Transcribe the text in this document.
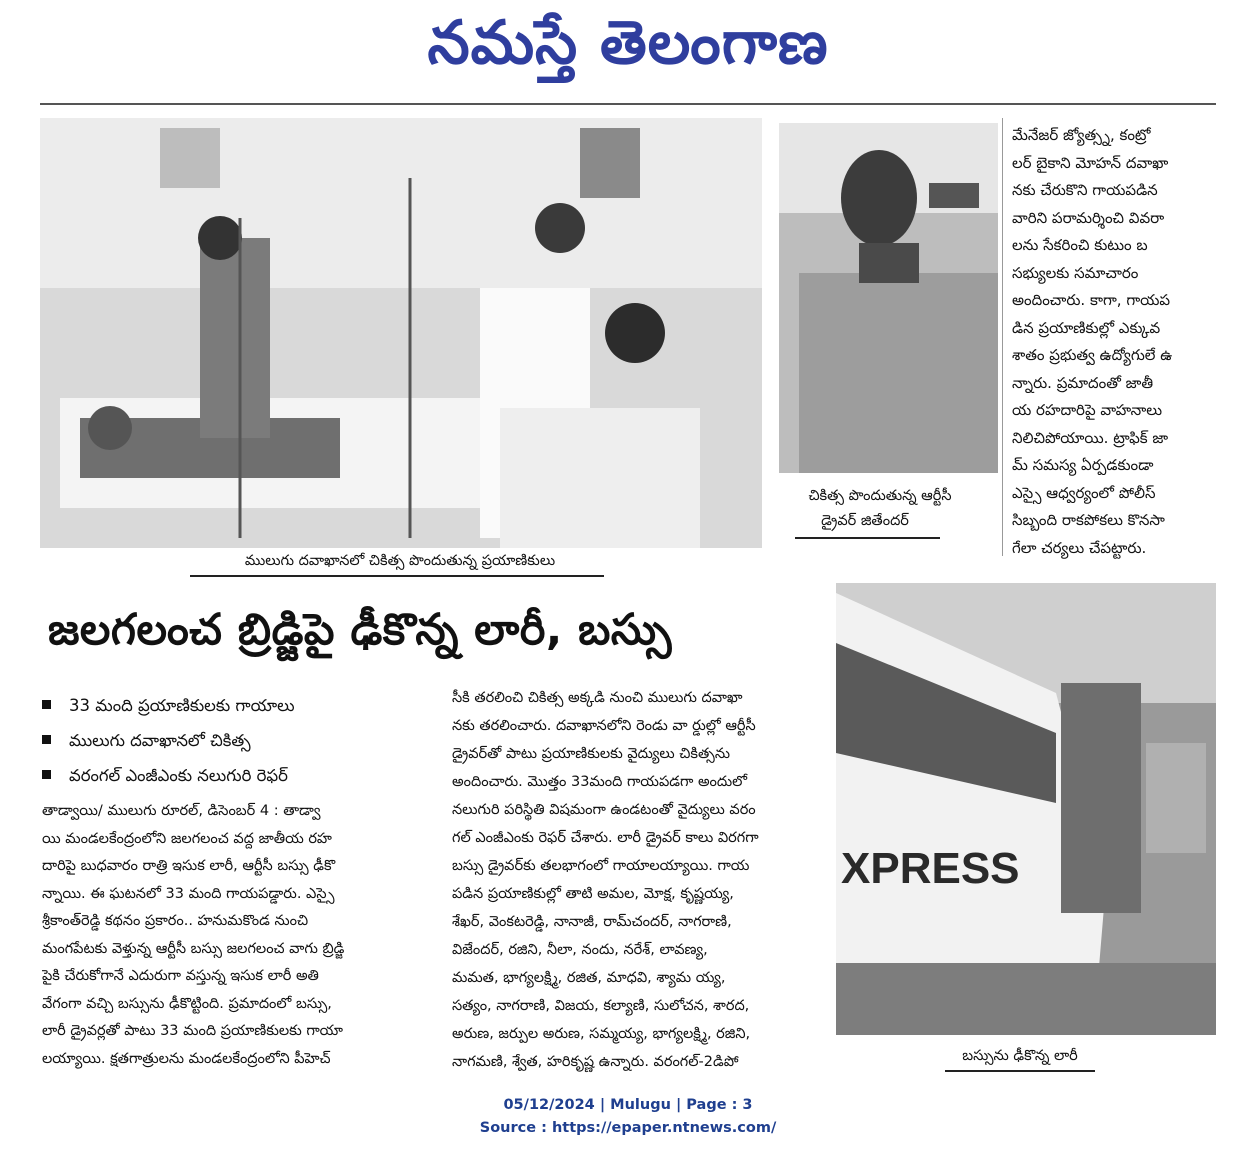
నమస్తే తెలంగాణ
ములుగు దవాఖానలో చికిత్స పొందుతున్న ప్రయాణికులు
చికిత్స పొందుతున్న ఆర్టీసీ
డ్రైవర్ జితేందర్
మేనేజర్ జ్యోత్స్న, కంట్రో
లర్ బైకాని మోహన్ దవాఖా
నకు చేరుకొని గాయపడిన
వారిని పరామర్శించి వివరా
లను సేకరించి కుటుం బ
సభ్యులకు సమాచారం
అందించారు. కాగా, గాయప
డిన ప్రయాణికుల్లో ఎక్కువ
శాతం ప్రభుత్వ ఉద్యోగులే ఉ
న్నారు. ప్రమాదంతో జాతీ
య రహదారిపై వాహనాలు
నిలిచిపోయాయి. ట్రాఫిక్ జా
మ్ సమస్య ఏర్పడకుండా
ఎస్సై ఆధ్వర్యంలో పోలీస్
సిబ్బంది రాకపోకలు కొనసా
గేలా చర్యలు చేపట్టారు.
జలగలంచ బ్రిడ్జిపై ఢీకొన్న లారీ, బస్సు
33 మంది ప్రయాణికులకు గాయాలు
ములుగు దవాఖానలో చికిత్స
వరంగల్ ఎంజీఎంకు నలుగురి రెఫర్
తాడ్వాయి/ ములుగు రూరల్, డిసెంబర్ 4 : తాడ్వా
యి మండలకేంద్రంలోని జలగలంచ వద్ద జాతీయ రహ
దారిపై బుధవారం రాత్రి ఇసుక లారీ, ఆర్టీసీ బస్సు ఢీకొ
న్నాయి. ఈ ఘటనలో 33 మంది గాయపడ్డారు. ఎస్సై
శ్రీకాంత్‌రెడ్డి కథనం ప్రకారం.. హనుమకొండ నుంచి
మంగపేటకు వెళ్తున్న ఆర్టీసీ బస్సు జలగలంచ వాగు బ్రిడ్జి
పైకి చేరుకోగానే ఎదురుగా వస్తున్న ఇసుక లారీ అతి
వేగంగా వచ్చి బస్సును ఢీకొట్టింది. ప్రమాదంలో బస్సు,
లారీ డ్రైవర్లతో పాటు 33 మంది ప్రయాణికులకు గాయా
లయ్యాయి. క్షతగాత్రులను మండలకేంద్రంలోని పీహెచ్
సీకి తరలించి చికిత్స అక్కడి నుంచి ములుగు దవాఖా
నకు తరలించారు. దవాఖానలోని రెండు వా ర్డుల్లో ఆర్టీసీ
డ్రైవర్‌తో పాటు ప్రయాణికులకు వైద్యులు చికిత్సను
అందించారు. మొత్తం 33మంది గాయపడగా అందులో
నలుగురి పరిస్థితి విషమంగా ఉండటంతో వైద్యులు వరం
గల్ ఎంజీఎంకు రెఫర్ చేశారు. లారీ డ్రైవర్ కాలు విరగగా
బస్సు డ్రైవర్‌కు తలభాగంలో గాయాలయ్యాయి. గాయ
పడిన ప్రయాణికుల్లో తాటి అమల, మోక్ష, కృష్ణయ్య,
శేఖర్, వెంకటరెడ్డి, నానాజీ, రామ్‌చందర్, నాగరాణి,
విజేందర్, రజిని, నీలా, నందు, నరేశ్, లావణ్య,
మమత, భాగ్యలక్ష్మి, రజిత, మాధవి, శ్యామ య్య,
సత్యం, నాగరాణి, విజయ, కల్యాణి, సులోచన, శారద,
అరుణ, జర్పుల అరుణ, సమ్మయ్య, భాగ్యలక్ష్మి, రజిని,
నాగమణి, శ్వేత, హరికృష్ణ ఉన్నారు. వరంగల్-2డిపో
XPRESS
బస్సును ఢీకొన్న లారీ
05/12/2024 | Mulugu | Page : 3
Source : https://epaper.ntnews.com/
